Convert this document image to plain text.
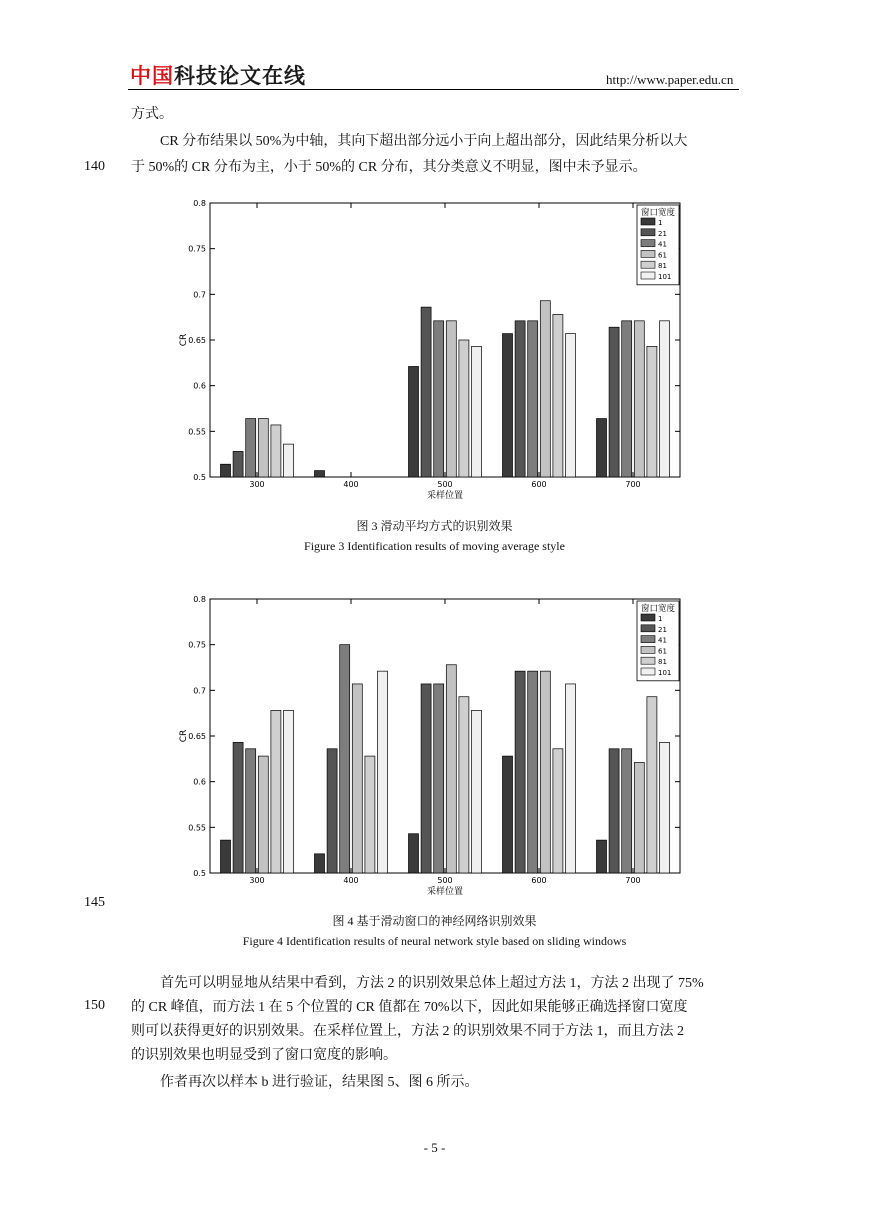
中国科技论文在线	http://www.paper.edu.cn
方式。
CR 分布结果以 50%为中轴，其向下超出部分远小于向上超出部分，因此结果分析以大
于 50%的 CR 分布为主，小于 50%的 CR 分布，其分类意义不明显，图中未予显示。
140
0.5
0.55
0.6
0.65
0.7
0.75
0.8
300	400	500	600	700
采样位置
CR
窗口宽度
1
21
41
61
81
101
图 3 滑动平均方式的识别效果
Figure 3 Identification results of moving average style
0.5
0.55
0.6
0.65
0.7
0.75
0.8
300	400	500	600	700
采样位置
CR
窗口宽度
1
21
41
61
81
101
145
图 4 基于滑动窗口的神经网络识别效果
Figure 4 Identification results of neural network style based on sliding windows
首先可以明显地从结果中看到，方法 2 的识别效果总体上超过方法 1，方法 2 出现了 75%
的 CR 峰值，而方法 1 在 5 个位置的 CR 值都在 70%以下，因此如果能够正确选择窗口宽度
150
则可以获得更好的识别效果。在采样位置上，方法 2 的识别效果不同于方法 1，而且方法 2
的识别效果也明显受到了窗口宽度的影响。
作者再次以样本 b 进行验证，结果图 5、图 6 所示。
- 5 -
